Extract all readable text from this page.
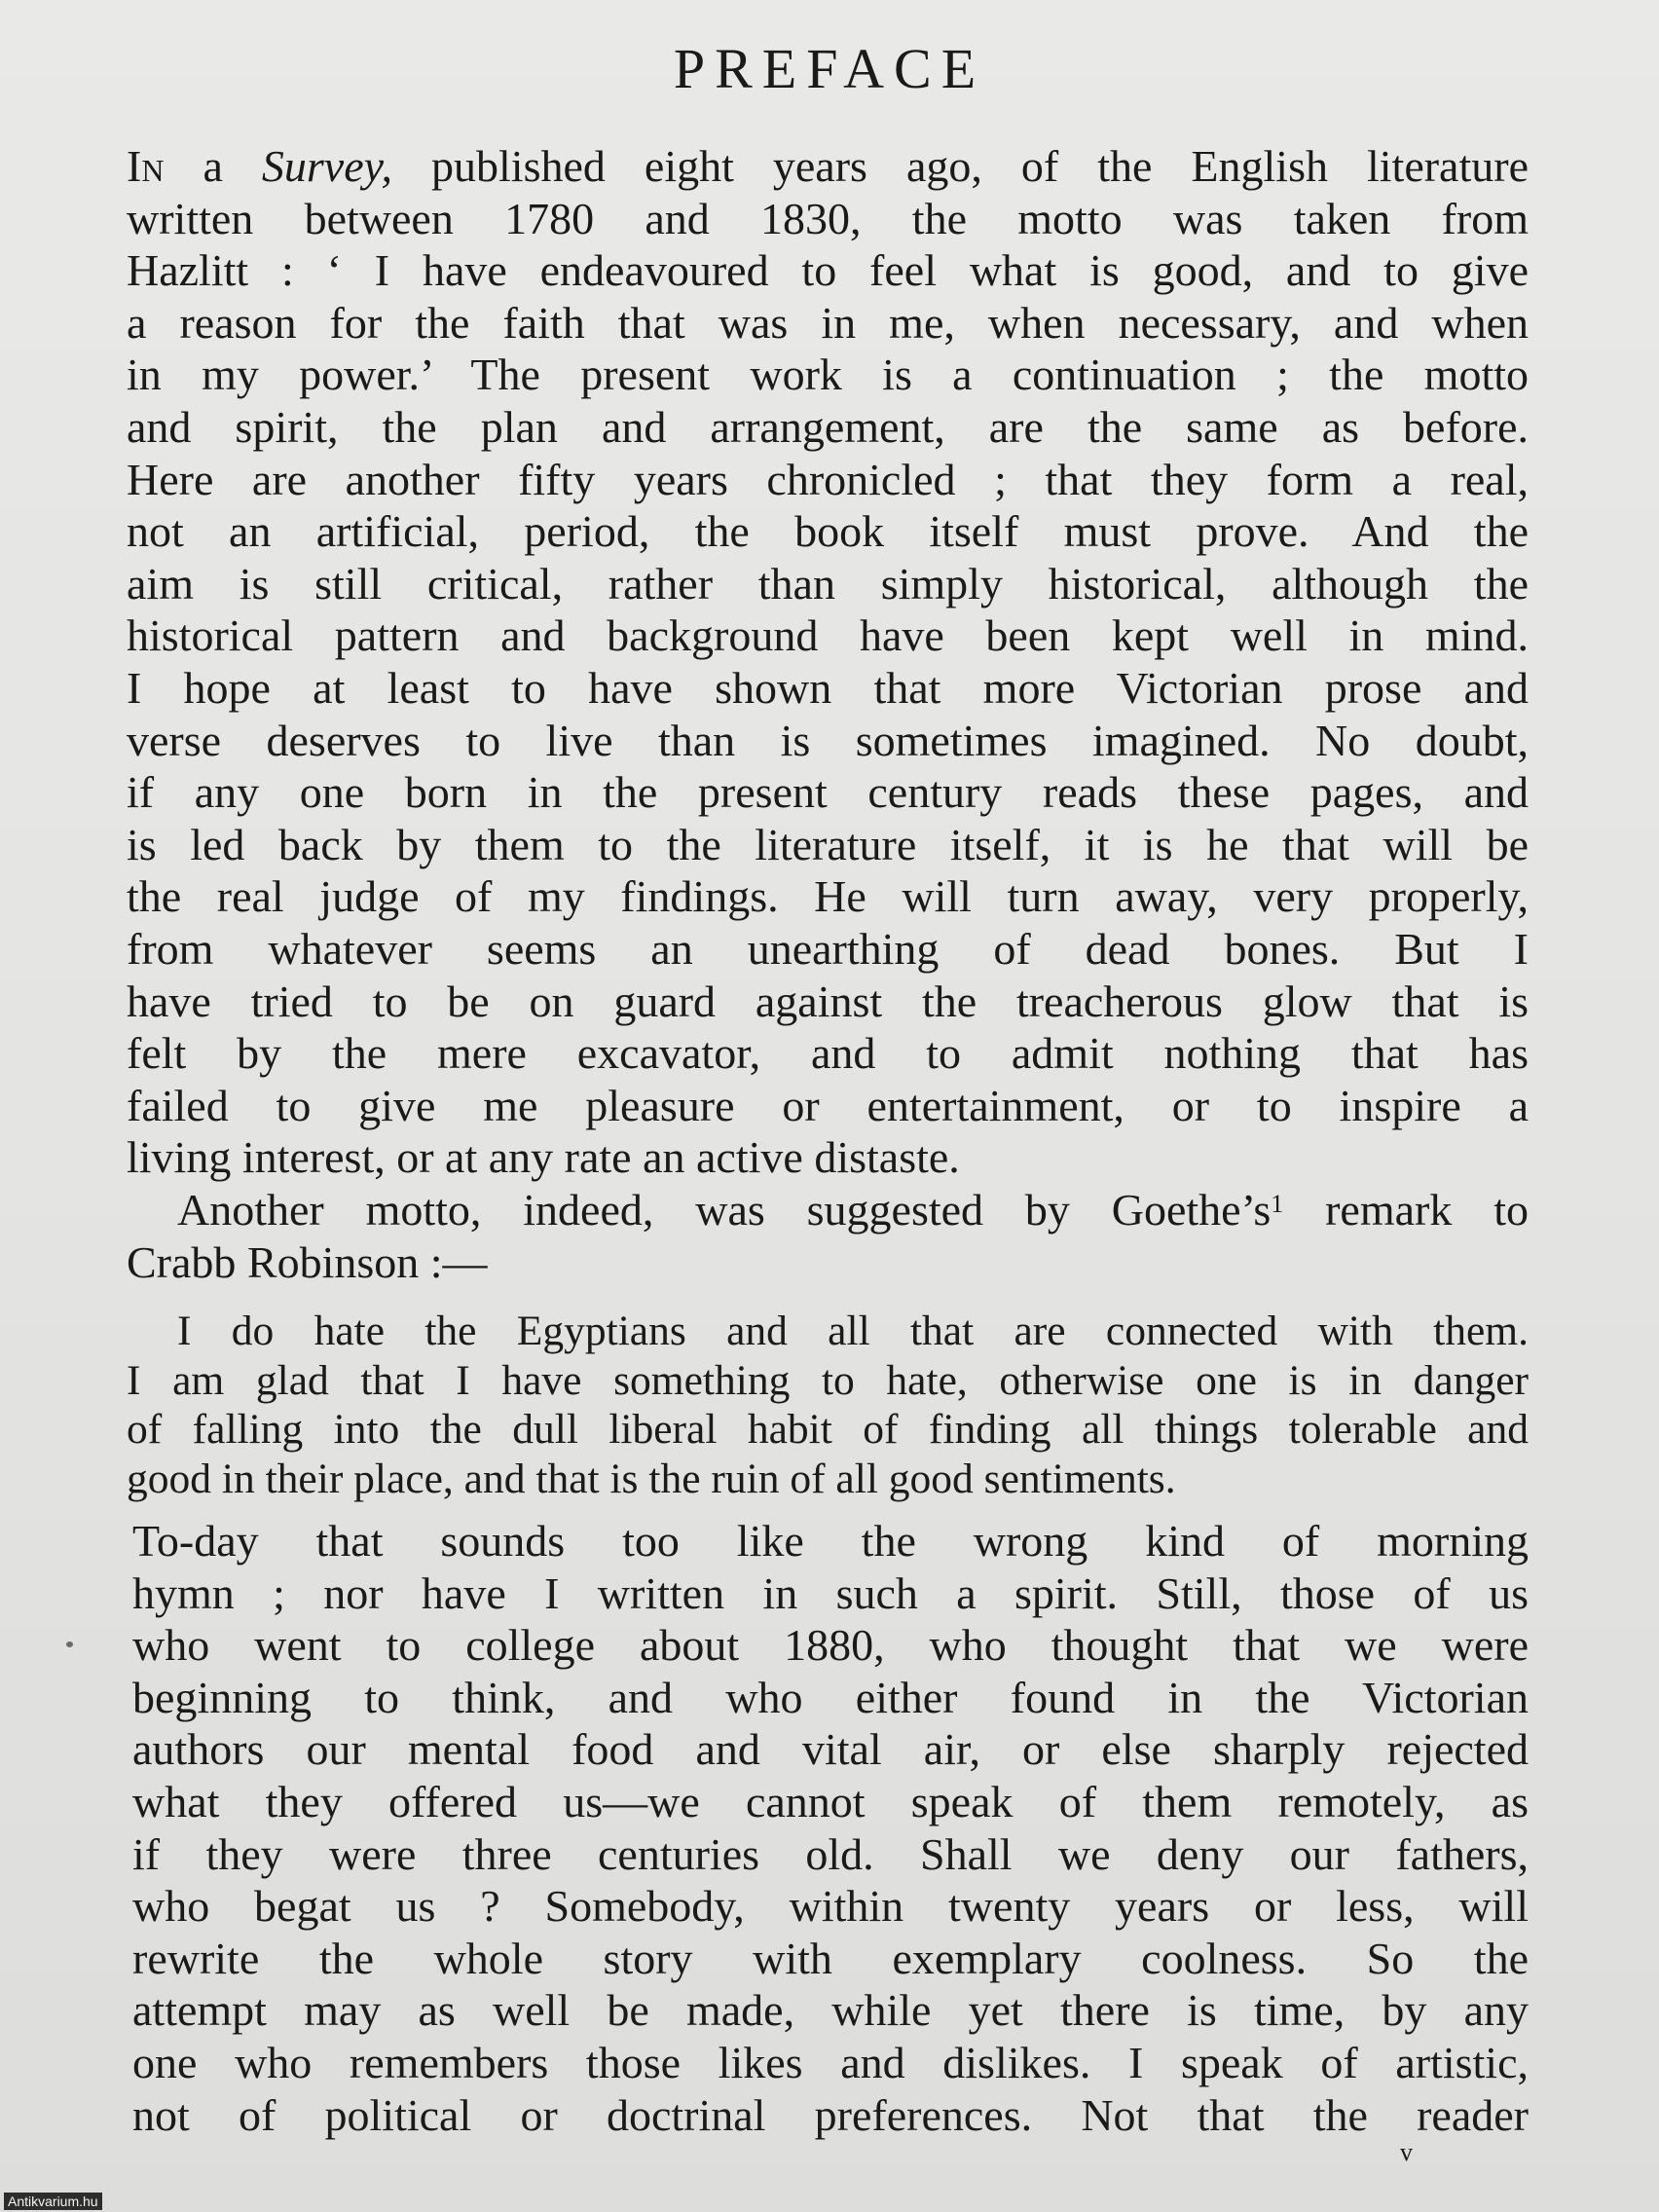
PREFACE
In a Survey, published eight years ago, of the English literature
written between 1780 and 1830, the motto was taken from
Hazlitt : ‘ I have endeavoured to feel what is good, and to give
a reason for the faith that was in me, when necessary, and when
in my power.’ The present work is a continuation ; the motto
and spirit, the plan and arrangement, are the same as before.
Here are another fifty years chronicled ; that they form a real,
not an artificial, period, the book itself must prove. And the
aim is still critical, rather than simply historical, although the
historical pattern and background have been kept well in mind.
I hope at least to have shown that more Victorian prose and
verse deserves to live than is sometimes imagined. No doubt,
if any one born in the present century reads these pages, and
is led back by them to the literature itself, it is he that will be
the real judge of my findings. He will turn away, very properly,
from whatever seems an unearthing of dead bones. But I
have tried to be on guard against the treacherous glow that is
felt by the mere excavator, and to admit nothing that has
failed to give me pleasure or entertainment, or to inspire a
living interest, or at any rate an active distaste.
Another motto, indeed, was suggested by $Goethe’s^1$ remark to
Crabb Robinson :—
I do hate the Egyptians and all that are connected with them.
I am glad that I have something to hate, otherwise one is in danger
of falling into the dull liberal habit of finding all things tolerable and
good in their place, and that is the ruin of all good sentiments.
To-day that sounds too like the wrong kind of morning
hymn ; nor have I written in such a spirit. Still, those of us
who went to college about 1880, who thought that we were
beginning to think, and who either found in the Victorian
authors our mental food and vital air, or else sharply rejected
what they offered us—we cannot speak of them remotely, as
if they were three centuries old. Shall we deny our fathers,
who begat us ? Somebody, within twenty years or less, will
rewrite the whole story with exemplary coolness. So the
attempt may as well be made, while yet there is time, by any
one who remembers those likes and dislikes. I speak of artistic,
not of political or doctrinal preferences. Not that the reader
v
Antikvarium.hu
